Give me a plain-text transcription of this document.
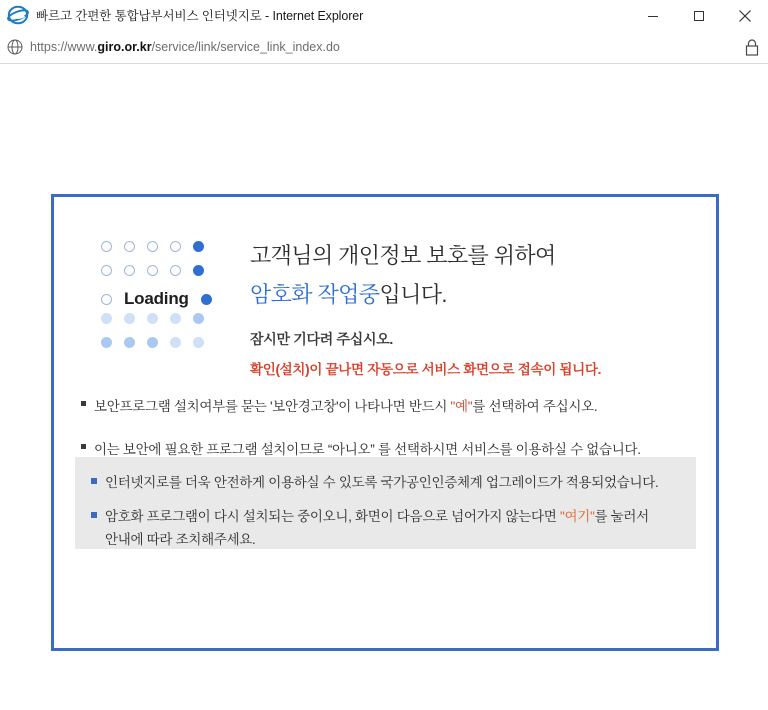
빠르고 간편한 통합납부서비스 인터넷지로 - Internet Explorer
https://www.giro.or.kr/service/link/service_link_index.do
Loading
고객님의 개인정보 보호를 위하여
암호화 작업중입니다.
잠시만 기다려 주십시오.
확인(설치)이 끝나면 자동으로 서비스 화면으로 접속이 됩니다.
보안프로그램 설치여부를 묻는 '보안경고창'이 나타나면 반드시 "예"를 선택하여 주십시오.
이는 보안에 필요한 프로그램 설치이므로 “아니오” 를 선택하시면 서비스를 이용하실 수 없습니다.
인터넷지로를 더욱 안전하게 이용하실 수 있도록 국가공인인증체계 업그레이드가 적용되었습니다.
암호화 프로그램이 다시 설치되는 중이오니, 화면이 다음으로 넘어가지 않는다면 "여기"를 눌러서
안내에 따라 조치해주세요.
